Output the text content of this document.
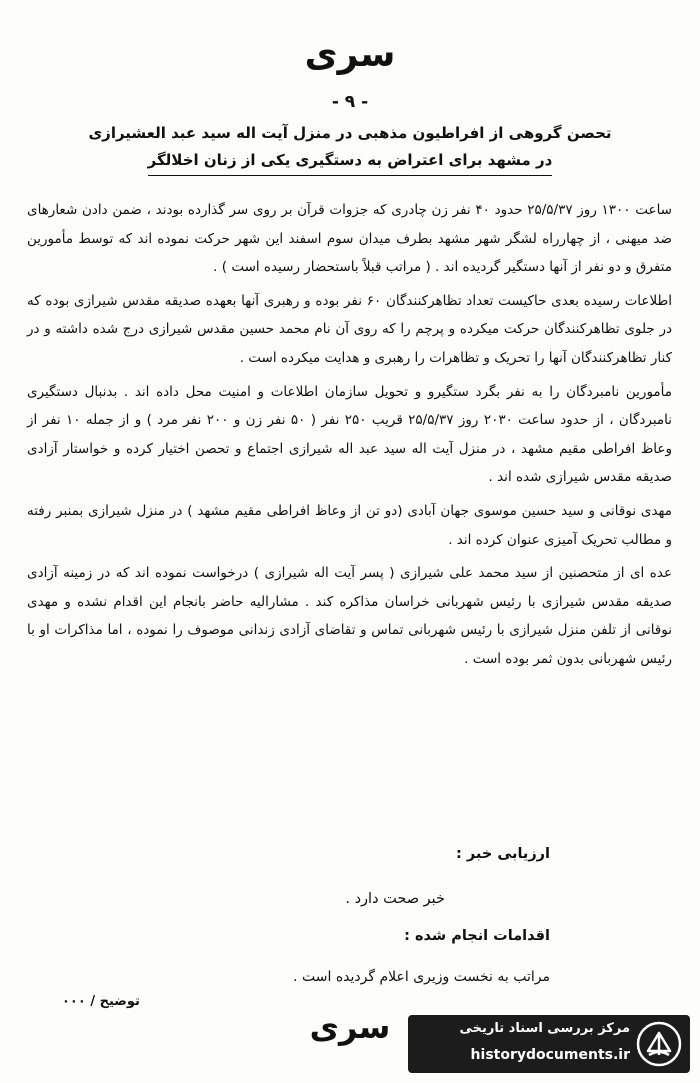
سری
- ۹ -
تحصن گروهی از افراطیون مذهبی در منزل آیت اله سید عبد العشیرازی
در مشهد برای اعتراض به دستگیری یکی از زنان اخلالگر

ساعت ۱۳۰۰ روز ۲۵/۵/۳۷ حدود ۴۰ نفر زن چادری که جزوات قرآن بر روی سر گذارده بودند ، ضمن دادن شعارهای ضد میهنی ، از چهارراه لشگر شهر مشهد بطرف میدان سوم اسفند این شهر حرکت نموده اند که توسط مأمورین متفرق و دو نفر از آنها دستگیر گردیده اند . ( مراتب قبلاً باستحضار رسیده است ) .

اطلاعات رسیده بعدی حاکیست تعداد تظاهرکنندگان ۶۰ نفر بوده و رهبری آنها بعهده صدیقه مقدس شیرازی بوده که در جلوی تظاهرکنندگان حرکت میکرده و پرچم را که روی آن نام محمد حسین مقدس شیرازی درج شده داشته و در کنار تظاهرکنندگان آنها را تحریک و تظاهرات را رهبری و هدایت میکرده است .

مأمورین نامبردگان را به نفر بگرد ستگیرو و تحویل سازمان اطلاعات و امنیت محل داده اند . بدنبال دستگیری نامبردگان ، از حدود ساعت ۲۰۳۰ روز ۲۵/۵/۳۷ قریب ۲۵۰ نفر ( ۵۰ نفر زن و ۲۰۰ نفر مرد ) و از جمله ۱۰ نفر از وعاظ افراطی مقیم مشهد ، در منزل آیت اله سید عبد اله شیرازی اجتماع و تحصن اختیار کرده و خواستار آزادی صدیقه مقدس شیرازی شده اند .

مهدی نوقانی و سید حسین موسوی جهان آبادی (دو تن از وعاظ افراطی مقیم مشهد ) در منزل شیرازی بمنبر رفته و مطالب تحریک آمیزی عنوان کرده اند .

عده ای از متحصنین از سید محمد علی شیرازی ( پسر آیت اله شیرازی ) درخواست نموده اند که در زمینه آزادی صدیقه مقدس شیرازی با رئیس شهربانی خراسان مذاکره کند . مشارالیه حاضر بانجام این اقدام نشده و مهدی نوقانی از تلفن منزل شیرازی با رئیس شهربانی تماس و تقاضای آزادی زندانی موصوف را نموده ، اما مذاکرات او با رئیس شهربانی بدون ثمر بوده است .

ارزیابی خبر :
خبر صحت دارد .
اقدامات انجام شده :
مراتب به نخست وزیری اعلام گردیده است .
توضیح / ۰۰۰
سری	مرکز بررسی اسناد تاریخی
historydocuments.ir
